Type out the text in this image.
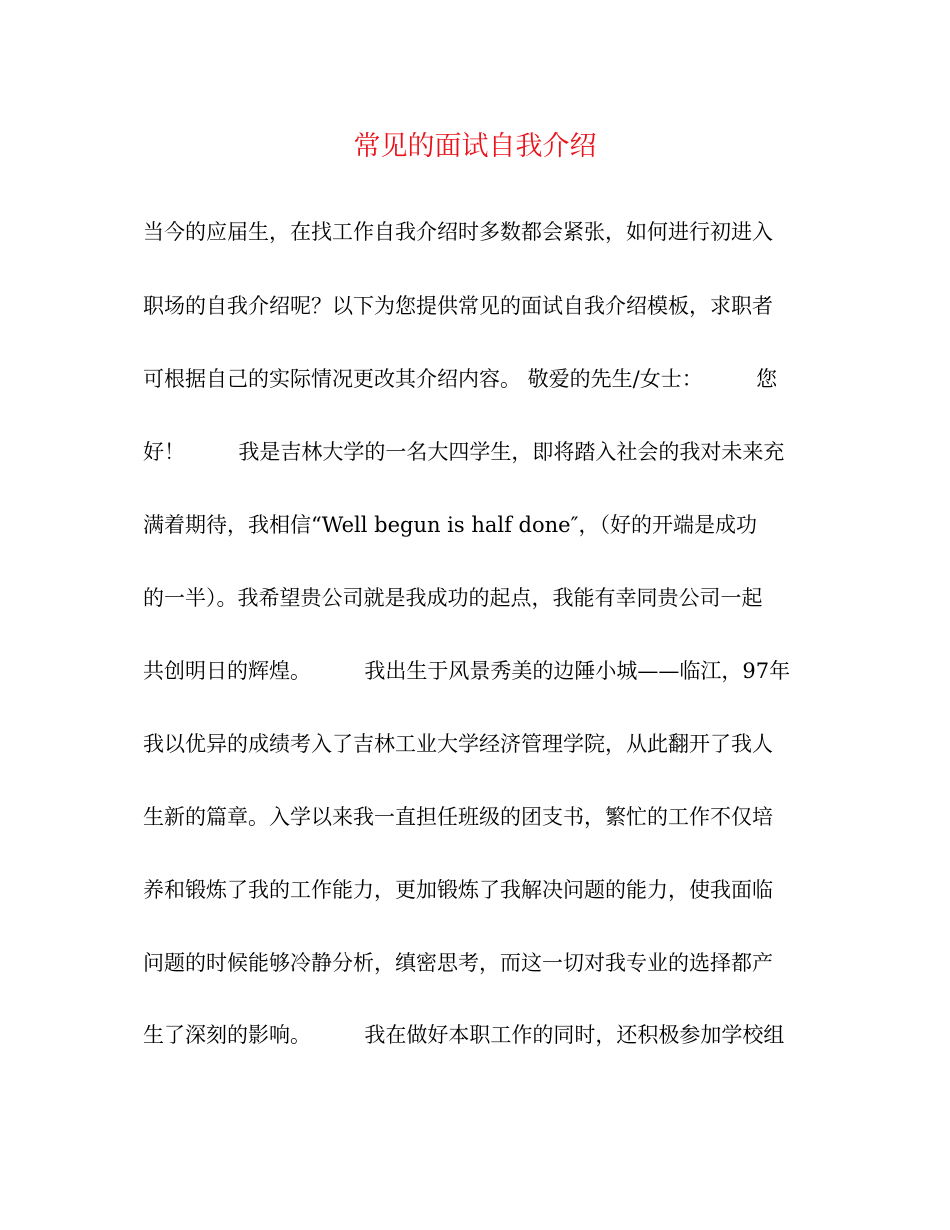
常见的面试自我介绍
当今的应届生，在找工作自我介绍时多数都会紧张，如何进行初进入
职场的自我介绍呢？以下为您提供常见的面试自我介绍模板，求职者
可根据自己的实际情况更改其介绍内容。 敬爱的先生/女士：        您
好！        我是吉林大学的一名大四学生，即将踏入社会的我对未来充
满着期待，我相信“Well begun is half done″，（好的开端是成功
的一半）。我希望贵公司就是我成功的起点，我能有幸同贵公司一起
共创明日的辉煌。        我出生于风景秀美的边陲小城——临江，97年
我以优异的成绩考入了吉林工业大学经济管理学院，从此翻开了我人
生新的篇章。入学以来我一直担任班级的团支书，繁忙的工作不仅培
养和锻炼了我的工作能力，更加锻炼了我解决问题的能力，使我面临
问题的时候能够冷静分析，缜密思考，而这一切对我专业的选择都产
生了深刻的影响。        我在做好本职工作的同时，还积极参加学校组
